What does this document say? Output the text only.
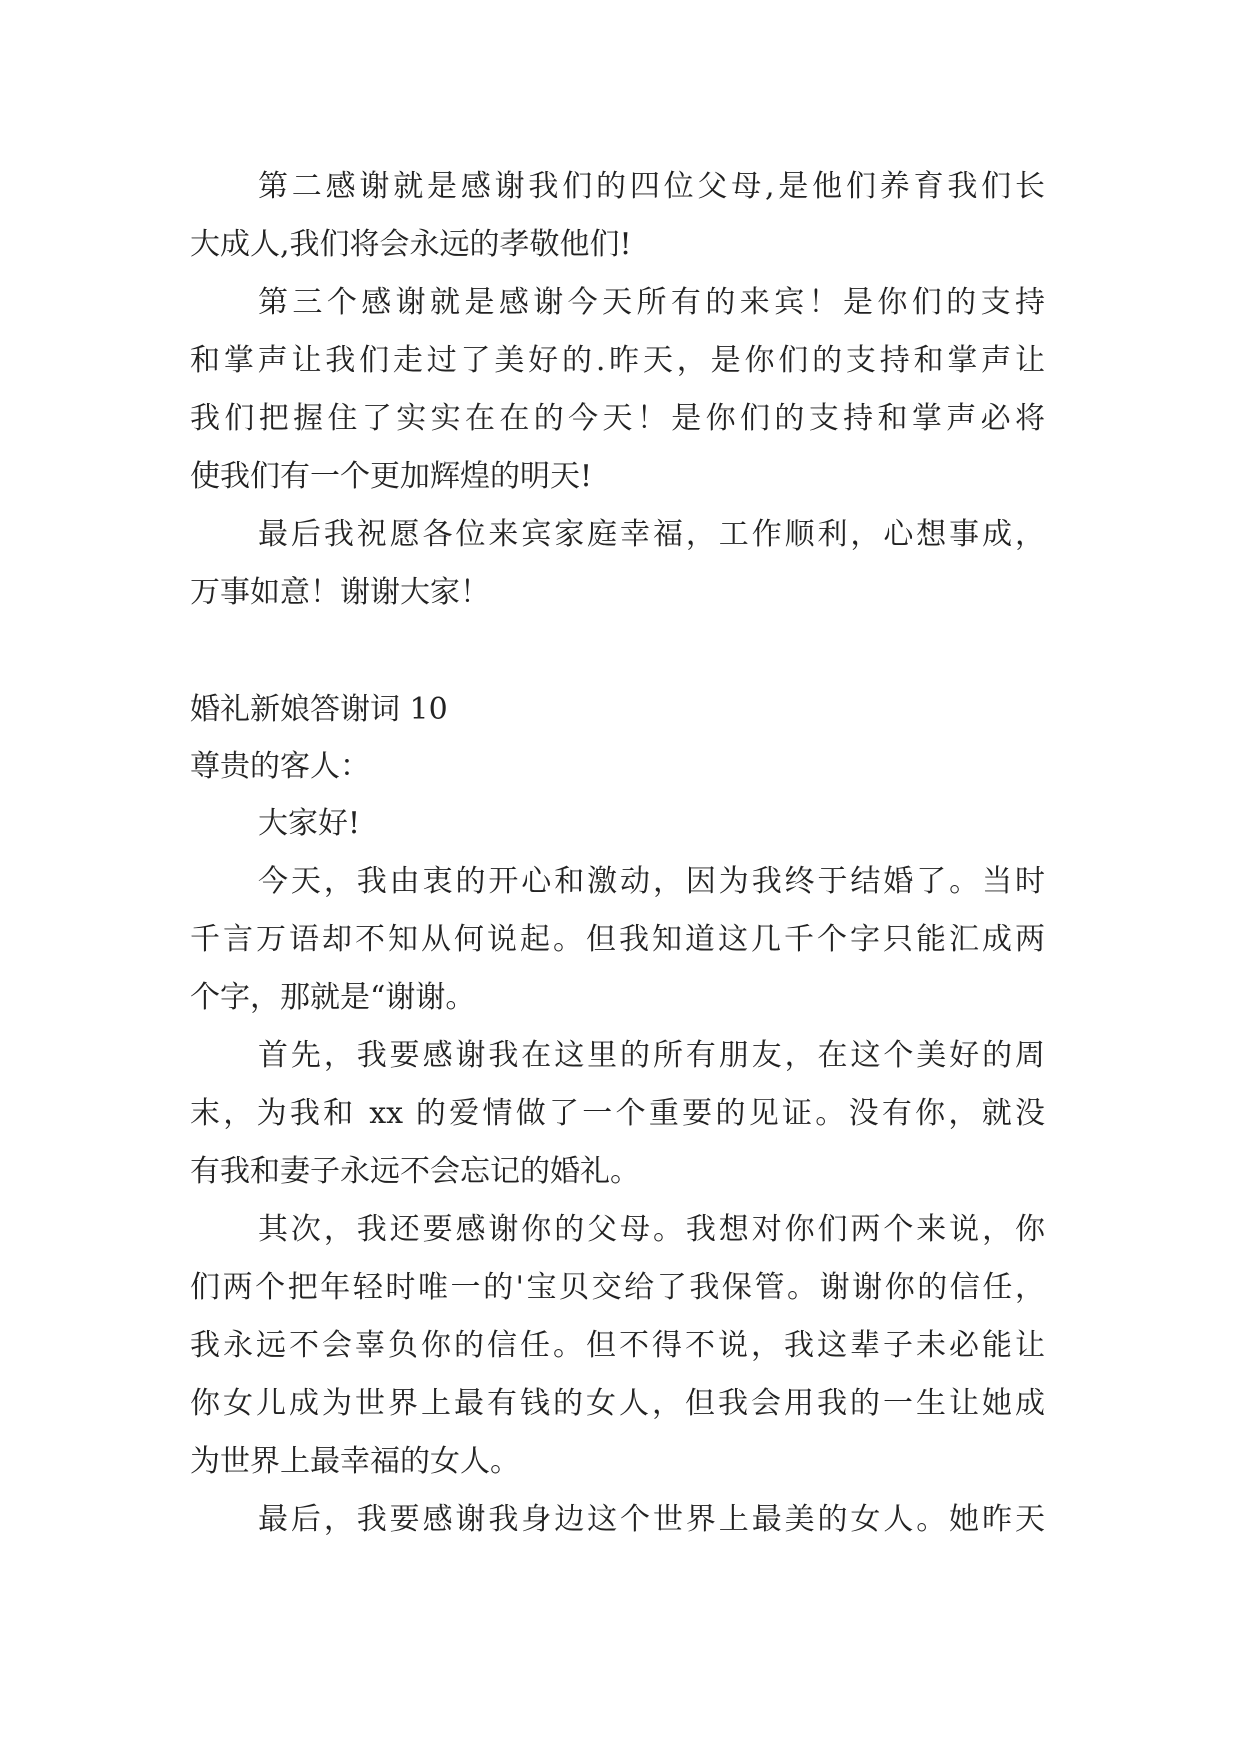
第二感谢就是感谢我们的四位父母,是他们养育我们长
大成人,我们将会永远的孝敬他们!
第三个感谢就是感谢今天所有的来宾！是你们的支持
和掌声让我们走过了美好的.昨天，是你们的支持和掌声让
我们把握住了实实在在的今天！是你们的支持和掌声必将
使我们有一个更加辉煌的明天!
最后我祝愿各位来宾家庭幸福，工作顺利，心想事成，
万事如意！谢谢大家！
婚礼新娘答谢词 10
尊贵的客人：
大家好!
今天，我由衷的开心和激动，因为我终于结婚了。当时
千言万语却不知从何说起。但我知道这几千个字只能汇成两
个字，那就是“谢谢。
首先，我要感谢我在这里的所有朋友，在这个美好的周
末，为我和 xx 的爱情做了一个重要的见证。没有你，就没
有我和妻子永远不会忘记的婚礼。
其次，我还要感谢你的父母。我想对你们两个来说，你
们两个把年轻时唯一的'宝贝交给了我保管。谢谢你的信任，
我永远不会辜负你的信任。但不得不说，我这辈子未必能让
你女儿成为世界上最有钱的女人，但我会用我的一生让她成
为世界上最幸福的女人。
最后，我要感谢我身边这个世界上最美的女人。她昨天
